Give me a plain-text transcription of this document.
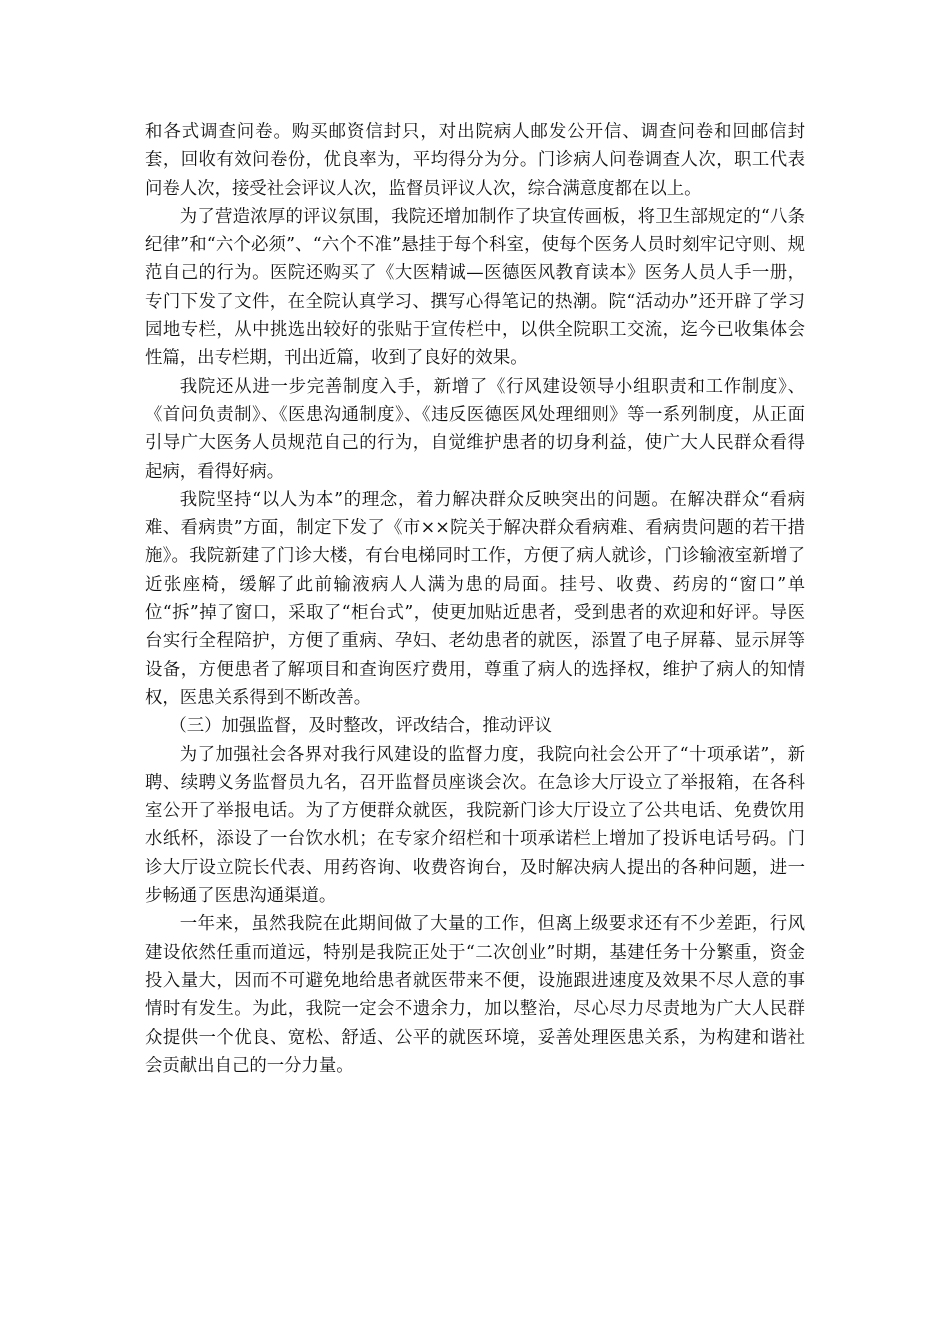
和各式调查问卷。购买邮资信封只，对出院病人邮发公开信、调查问卷和回邮信封套，回收有效问卷份，优良率为，平均得分为分。门诊病人问卷调查人次，职工代表问卷人次，接受社会评议人次，监督员评议人次，综合满意度都在以上。

为了营造浓厚的评议氛围，我院还增加制作了块宣传画板，将卫生部规定的“八条纪律”和“六个必须”、“六个不准”悬挂于每个科室，使每个医务人员时刻牢记守则、规范自己的行为。医院还购买了《大医精诚—医德医风教育读本》医务人员人手一册，专门下发了文件，在全院认真学习、撰写心得笔记的热潮。院“活动办”还开辟了学习园地专栏，从中挑选出较好的张贴于宣传栏中，以供全院职工交流，迄今已收集体会性篇，出专栏期，刊出近篇，收到了良好的效果。

我院还从进一步完善制度入手，新增了《行风建设领导小组职责和工作制度》、《首问负责制》、《医患沟通制度》、《违反医德医风处理细则》等一系列制度，从正面引导广大医务人员规范自己的行为，自觉维护患者的切身利益，使广大人民群众看得起病，看得好病。

我院坚持“以人为本”的理念，着力解决群众反映突出的问题。在解决群众“看病难、看病贵”方面，制定下发了《市××院关于解决群众看病难、看病贵问题的若干措施》。我院新建了门诊大楼，有台电梯同时工作，方便了病人就诊，门诊输液室新增了近张座椅，缓解了此前输液病人人满为患的局面。挂号、收费、药房的“窗口”单位“拆”掉了窗口，采取了“柜台式”，使更加贴近患者，受到患者的欢迎和好评。导医台实行全程陪护，方便了重病、孕妇、老幼患者的就医，添置了电子屏幕、显示屏等设备，方便患者了解项目和查询医疗费用，尊重了病人的选择权，维护了病人的知情权，医患关系得到不断改善。

（三）加强监督，及时整改，评改结合，推动评议

为了加强社会各界对我行风建设的监督力度，我院向社会公开了“十项承诺”，新聘、续聘义务监督员九名，召开监督员座谈会次。在急诊大厅设立了举报箱，在各科室公开了举报电话。为了方便群众就医，我院新门诊大厅设立了公共电话、免费饮用水纸杯，添设了一台饮水机；在专家介绍栏和十项承诺栏上增加了投诉电话号码。门诊大厅设立院长代表、用药咨询、收费咨询台，及时解决病人提出的各种问题，进一步畅通了医患沟通渠道。

一年来，虽然我院在此期间做了大量的工作，但离上级要求还有不少差距，行风建设依然任重而道远，特别是我院正处于“二次创业”时期，基建任务十分繁重，资金投入量大，因而不可避免地给患者就医带来不便，设施跟进速度及效果不尽人意的事情时有发生。为此，我院一定会不遗余力，加以整治，尽心尽力尽责地为广大人民群众提供一个优良、宽松、舒适、公平的就医环境，妥善处理医患关系，为构建和谐社会贡献出自己的一分力量。
